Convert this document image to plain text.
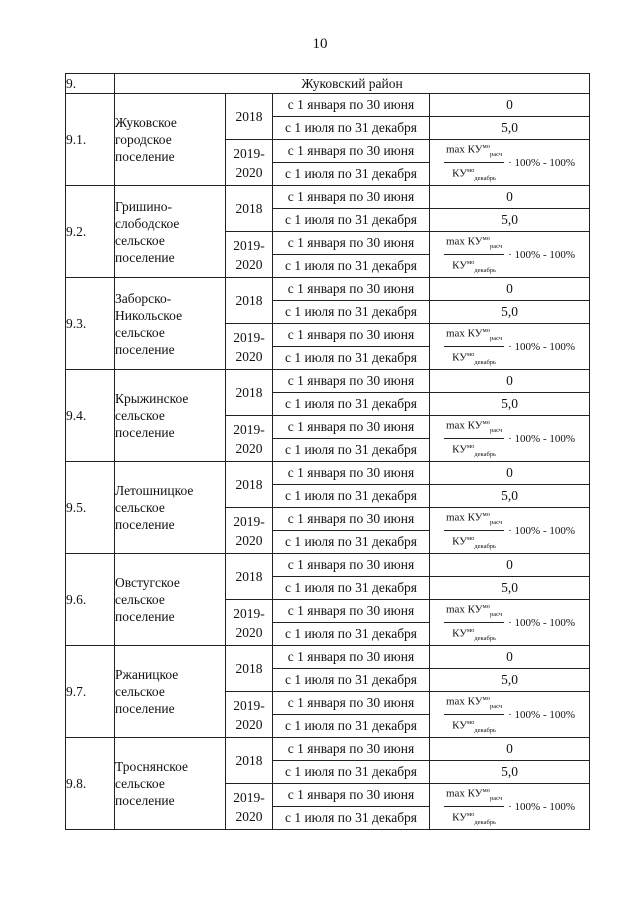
10
9.	Жуковский район			
9.1.	Жуковское городское поселение	2018	с 1 января по 30 июня	0
			с 1 июля по 31 декабря	5,0
		2019-2020	с 1 января по 30 июня	$\frac{\max КУ^{мо}_{расч}}{КУ^{мо}_{декабрь}} \cdot 100\% - 100\%$

			с 1 июля по 31 декабря	
9.2.	Гришино-слободское сельское поселение	2018	с 1 января по 30 июня	0
			с 1 июля по 31 декабря	5,0
		2019-2020	с 1 января по 30 июня	$\frac{\max КУ^{мо}_{расч}}{КУ^{мо}_{декабрь}} \cdot 100\% - 100\%$

			с 1 июля по 31 декабря	
9.3.	Заборско-Никольское сельское поселение	2018	с 1 января по 30 июня	0
			с 1 июля по 31 декабря	5,0
		2019-2020	с 1 января по 30 июня	$\frac{\max КУ^{мо}_{расч}}{КУ^{мо}_{декабрь}} \cdot 100\% - 100\%$

			с 1 июля по 31 декабря	
9.4.	Крыжинское сельское поселение	2018	с 1 января по 30 июня	0
			с 1 июля по 31 декабря	5,0
		2019-2020	с 1 января по 30 июня	$\frac{\max КУ^{мо}_{расч}}{КУ^{мо}_{декабрь}} \cdot 100\% - 100\%$

			с 1 июля по 31 декабря	
9.5.	Летошницкое сельское поселение	2018	с 1 января по 30 июня	0
			с 1 июля по 31 декабря	5,0
		2019-2020	с 1 января по 30 июня	$\frac{\max КУ^{мо}_{расч}}{КУ^{мо}_{декабрь}} \cdot 100\% - 100\%$

			с 1 июля по 31 декабря	
9.6.	Овстугское сельское поселение	2018	с 1 января по 30 июня	0
			с 1 июля по 31 декабря	5,0
		2019-2020	с 1 января по 30 июня	$\frac{\max КУ^{мо}_{расч}}{КУ^{мо}_{декабрь}} \cdot 100\% - 100\%$

			с 1 июля по 31 декабря	
9.7.	Ржаницкое сельское поселение	2018	с 1 января по 30 июня	0
			с 1 июля по 31 декабря	5,0
		2019-2020	с 1 января по 30 июня	$\frac{\max КУ^{мо}_{расч}}{КУ^{мо}_{декабрь}} \cdot 100\% - 100\%$

			с 1 июля по 31 декабря	
9.8.	Троснянское сельское поселение	2018	с 1 января по 30 июня	0
			с 1 июля по 31 декабря	5,0
		2019-2020	с 1 января по 30 июня	$\frac{\max КУ^{мо}_{расч}}{КУ^{мо}_{декабрь}} \cdot 100\% - 100\%$

			с 1 июля по 31 декабря	
